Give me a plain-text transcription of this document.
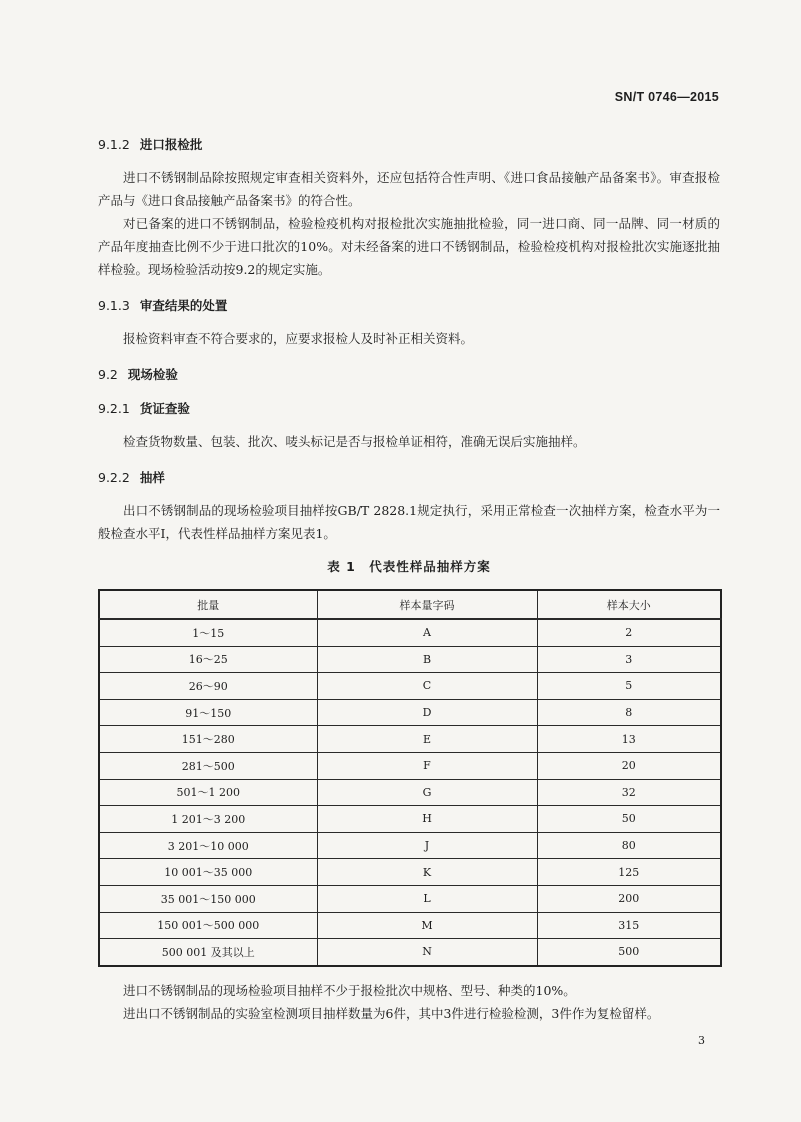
SN/T 0746—2015

9.1.2 进口报检批

进口不锈钢制品除按照规定审查相关资料外，还应包括符合性声明、《进口食品接触产品备案书》。审查报检产品与《进口食品接触产品备案书》的符合性。

对已备案的进口不锈钢制品，检验检疫机构对报检批次实施抽批检验，同一进口商、同一品牌、同一材质的产品年度抽查比例不少于进口批次的10%。对未经备案的进口不锈钢制品，检验检疫机构对报检批次实施逐批抽样检验。现场检验活动按9.2的规定实施。

9.1.3 审查结果的处置

报检资料审查不符合要求的，应要求报检人及时补正相关资料。

9.2 现场检验

9.2.1 货证查验

检查货物数量、包装、批次、唛头标记是否与报检单证相符，准确无误后实施抽样。

9.2.2 抽样

出口不锈钢制品的现场检验项目抽样按GB/T 2828.1规定执行，采用正常检查一次抽样方案，检查水平为一般检查水平Ⅰ，代表性样品抽样方案见表1。

表 1　代表性样品抽样方案
批量	样本量字码	样本大小
1～15	A	2
16～25	B	3
26～90	C	5
91～150	D	8
151～280	E	13
281～500	F	20
501～1 200	G	32
1 201～3 200	H	50
3 201～10 000	J	80
10 001～35 000	K	125
35 001～150 000	L	200
150 001～500 000	M	315
500 001 及其以上	N	500

进口不锈钢制品的现场检验项目抽样不少于报检批次中规格、型号、种类的10%。

进出口不锈钢制品的实验室检测项目抽样数量为6件，其中3件进行检验检测，3件作为复检留样。

3
